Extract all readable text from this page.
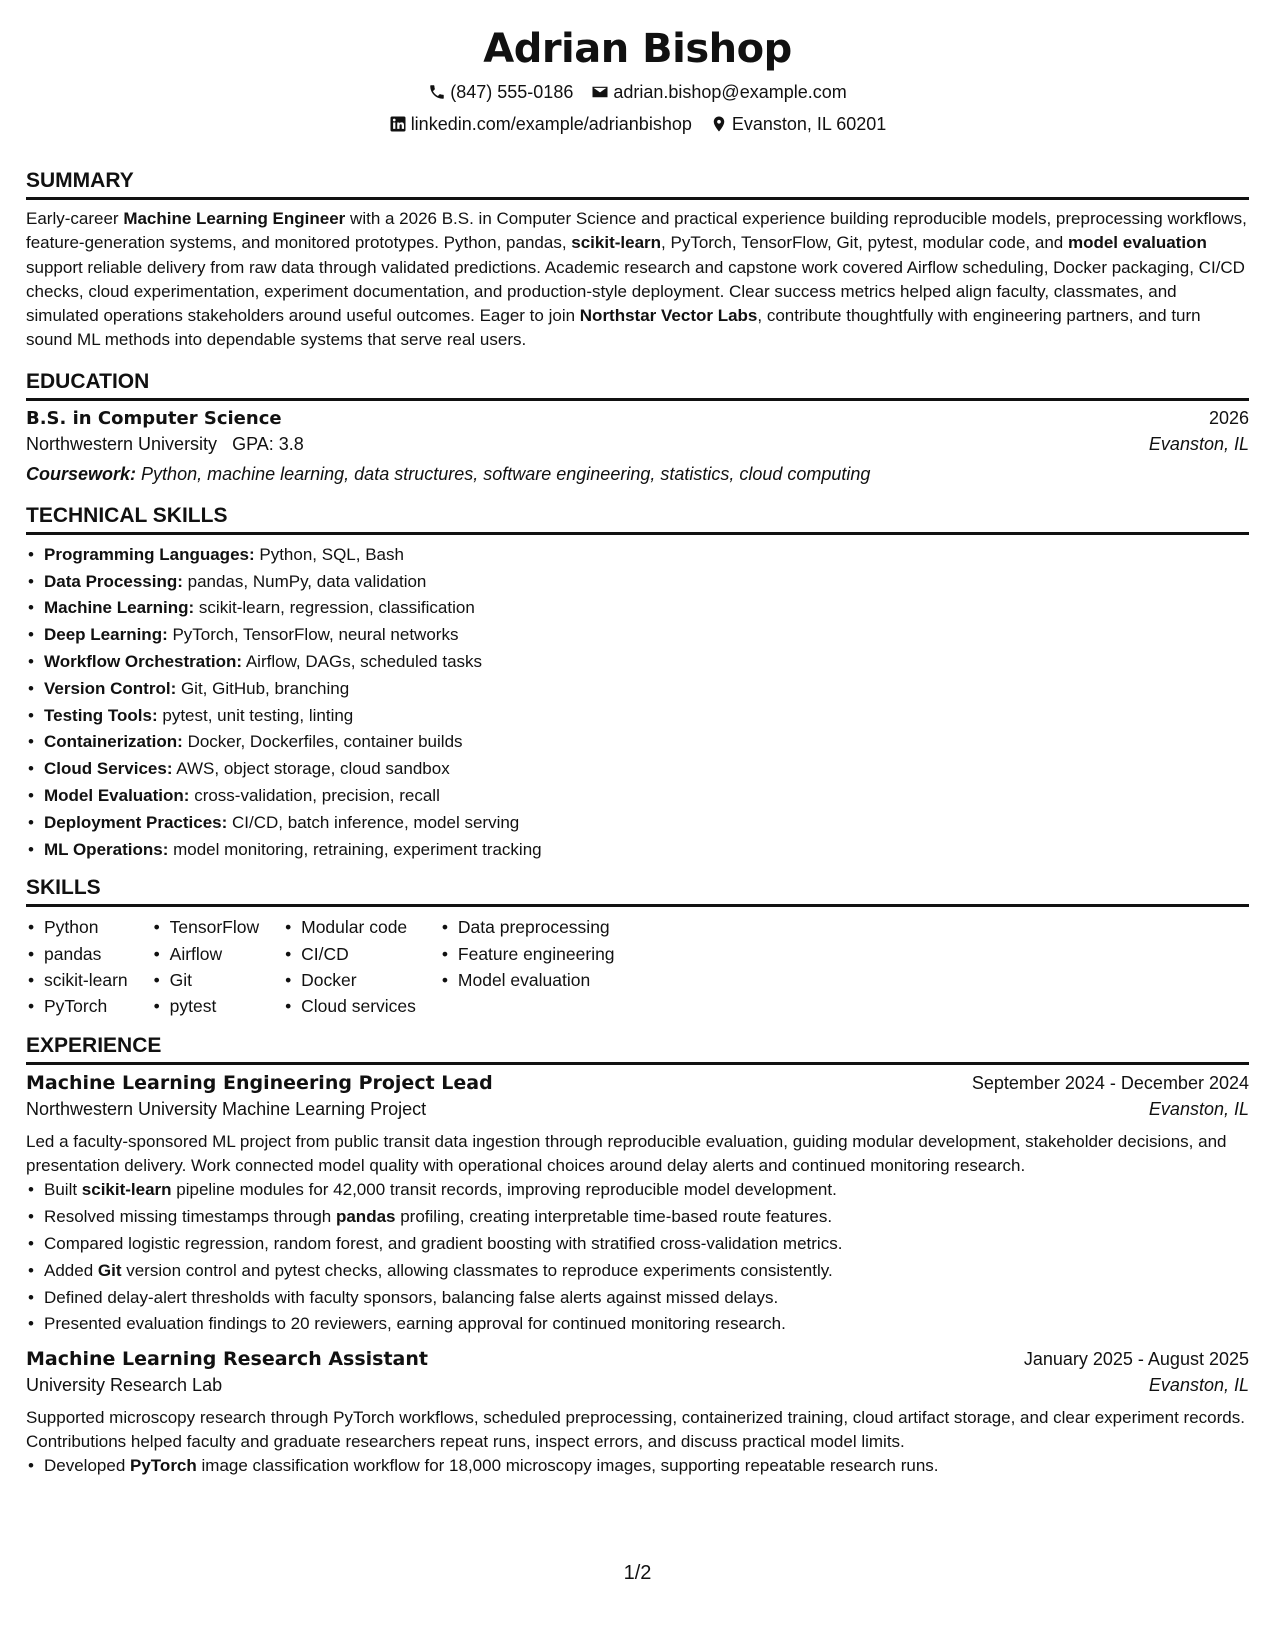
Adrian Bishop
(847) 555-0186 adrian.bishop@example.com
linkedin.com/example/adrianbishop Evanston, IL 60201
SUMMARY

Early-career Machine Learning Engineer with a 2026 B.S. in Computer Science and practical experience building reproducible models, preprocessing workflows, feature-generation systems, and monitored prototypes. Python, pandas, scikit-learn, PyTorch, TensorFlow, Git, pytest, modular code, and model evaluation support reliable delivery from raw data through validated predictions. Academic research and capstone work covered Airflow scheduling, Docker packaging, CI/CD checks, cloud experimentation, experiment documentation, and production-style deployment. Clear success metrics helped align faculty, classmates, and simulated operations stakeholders around useful outcomes. Eager to join Northstar Vector Labs, contribute thoughtfully with engineering partners, and turn sound ML methods into dependable systems that serve real users.

EDUCATION
B.S. in Computer Science	2026
Northwestern University GPA: 3.8	Evanston, IL
Coursework: Python, machine learning, data structures, software engineering, statistics, cloud computing
TECHNICAL SKILLS
• Programming Languages: Python, SQL, Bash
• Data Processing: pandas, NumPy, data validation
• Machine Learning: scikit-learn, regression, classification
• Deep Learning: PyTorch, TensorFlow, neural networks
• Workflow Orchestration: Airflow, DAGs, scheduled tasks
• Version Control: Git, GitHub, branching
• Testing Tools: pytest, unit testing, linting
• Containerization: Docker, Dockerfiles, container builds
• Cloud Services: AWS, object storage, cloud sandbox
• Model Evaluation: cross-validation, precision, recall
• Deployment Practices: CI/CD, batch inference, model serving
• ML Operations: model monitoring, retraining, experiment tracking
SKILLS
• Python
• pandas
• scikit-learn
• PyTorch
• TensorFlow
• Airflow
• Git
• pytest
• Modular code
• CI/CD
• Docker
• Cloud services
• Data preprocessing
• Feature engineering
• Model evaluation
EXPERIENCE
Machine Learning Engineering Project Lead	September 2024 - December 2024
Northwestern University Machine Learning Project	Evanston, IL

Led a faculty-sponsored ML project from public transit data ingestion through reproducible evaluation, guiding modular development, stakeholder decisions, and presentation delivery. Work connected model quality with operational choices around delay alerts and continued monitoring research.

• Built scikit-learn pipeline modules for 42,000 transit records, improving reproducible model development.
• Resolved missing timestamps through pandas profiling, creating interpretable time-based route features.
• Compared logistic regression, random forest, and gradient boosting with stratified cross-validation metrics.
• Added Git version control and pytest checks, allowing classmates to reproduce experiments consistently.
• Defined delay-alert thresholds with faculty sponsors, balancing false alerts against missed delays.
• Presented evaluation findings to 20 reviewers, earning approval for continued monitoring research.
Machine Learning Research Assistant	January 2025 - August 2025
University Research Lab	Evanston, IL

Supported microscopy research through PyTorch workflows, scheduled preprocessing, containerized training, cloud artifact storage, and clear experiment records. Contributions helped faculty and graduate researchers repeat runs, inspect errors, and discuss practical model limits.

• Developed PyTorch image classification workflow for 18,000 microscopy images, supporting repeatable research runs.
1/2
